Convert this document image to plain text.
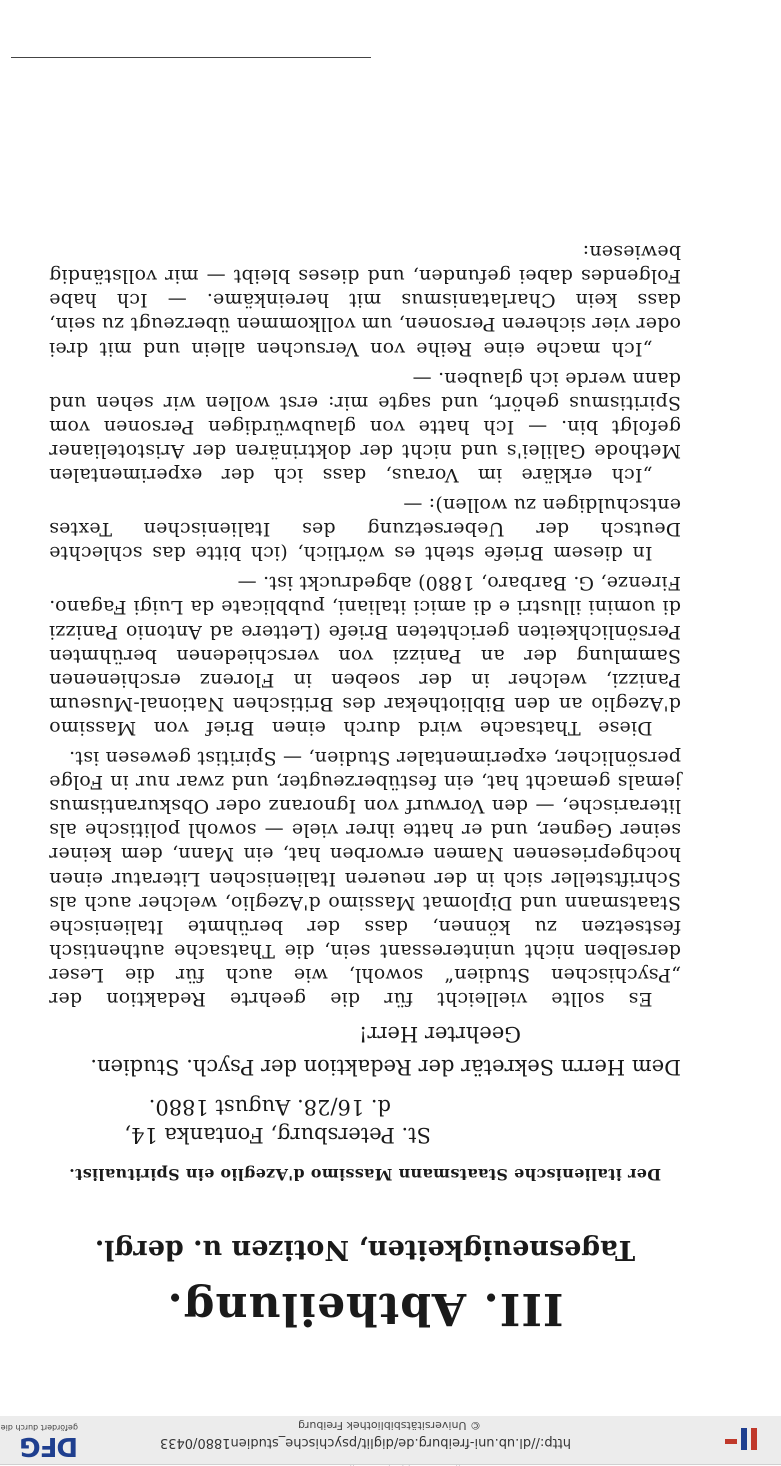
III. Abtheilung.
Tagesneuigkeiten, Notizen u. dergl.
Der italienische Staatsmann Massimo d'Azeglio ein Spiritualist.
St. Petersburg, Fontanka 14,
d. 16/28. August 1880.
Dem Herrn Sekretär der Redaktion der Psych. Studien.
Geehrter Herr!

Es sollte vielleicht für die geehrte Redaktion der „Psychischen Studien“ sowohl, wie auch für die Leser derselben nicht uninteressant sein, die Thatsache authentisch festsetzen zu können, dass der berühmte Italienische Staatsmann und Diplomat Massimo d'Azeglio, welcher auch als Schriftsteller sich in der neueren Italienischen Literatur einen hochgepriesenen Namen erworben hat, ein Mann, dem keiner seiner Gegner, und er hatte ihrer viele — sowohl politische als literarische, — den Vorwurf von Ignoranz oder Obskurantismus jemals gemacht hat, ein festüberzeugter, und zwar nur in Folge persönlicher, experimentaler Studien, — Spiritist gewesen ist.

Diese Thatsache wird durch einen Brief von Massimo d'Azeglio an den Bibliothekar des Britischen National-Museum Panizzi, welcher in der soeben in Florenz erschienenen Sammlung der an Panizzi von verschiedenen berühmten Persönlichkeiten gerichteten Briefe (Lettere ad Antonio Panizzi di uomini illustri e di amici italiani, pubblicate da Luigi Fagano. Firenze, G. Barbaro, 1880) abgedruckt ist. —

In diesem Briefe steht es wörtlich, (ich bitte das schlechte Deutsch der Uebersetzung des Italienischen Textes entschuldigen zu wollen): —

„Ich erkläre im Voraus, dass ich der experimentalen Methode Galilei's und nicht der doktrinären der Aristotelianer gefolgt bin. — Ich hatte von glaubwürdigen Personen vom Spiritismus gehört, und sagte mir: erst wollen wir sehen und dann werde ich glauben. —

„Ich mache eine Reihe von Versuchen allein und mit drei oder vier sicheren Personen, um vollkommen überzeugt zu sein, dass kein Charlatanismus mit hereinkäme. — Ich habe Folgendes dabei gefunden, und dieses bleibt — mir vollständig bewiesen:

http://dl.ub.uni-freiburg.de/diglit/psychische_studien1880/0433
© Universitätsbibliothek Freiburg
DFG
gefördert durch die
